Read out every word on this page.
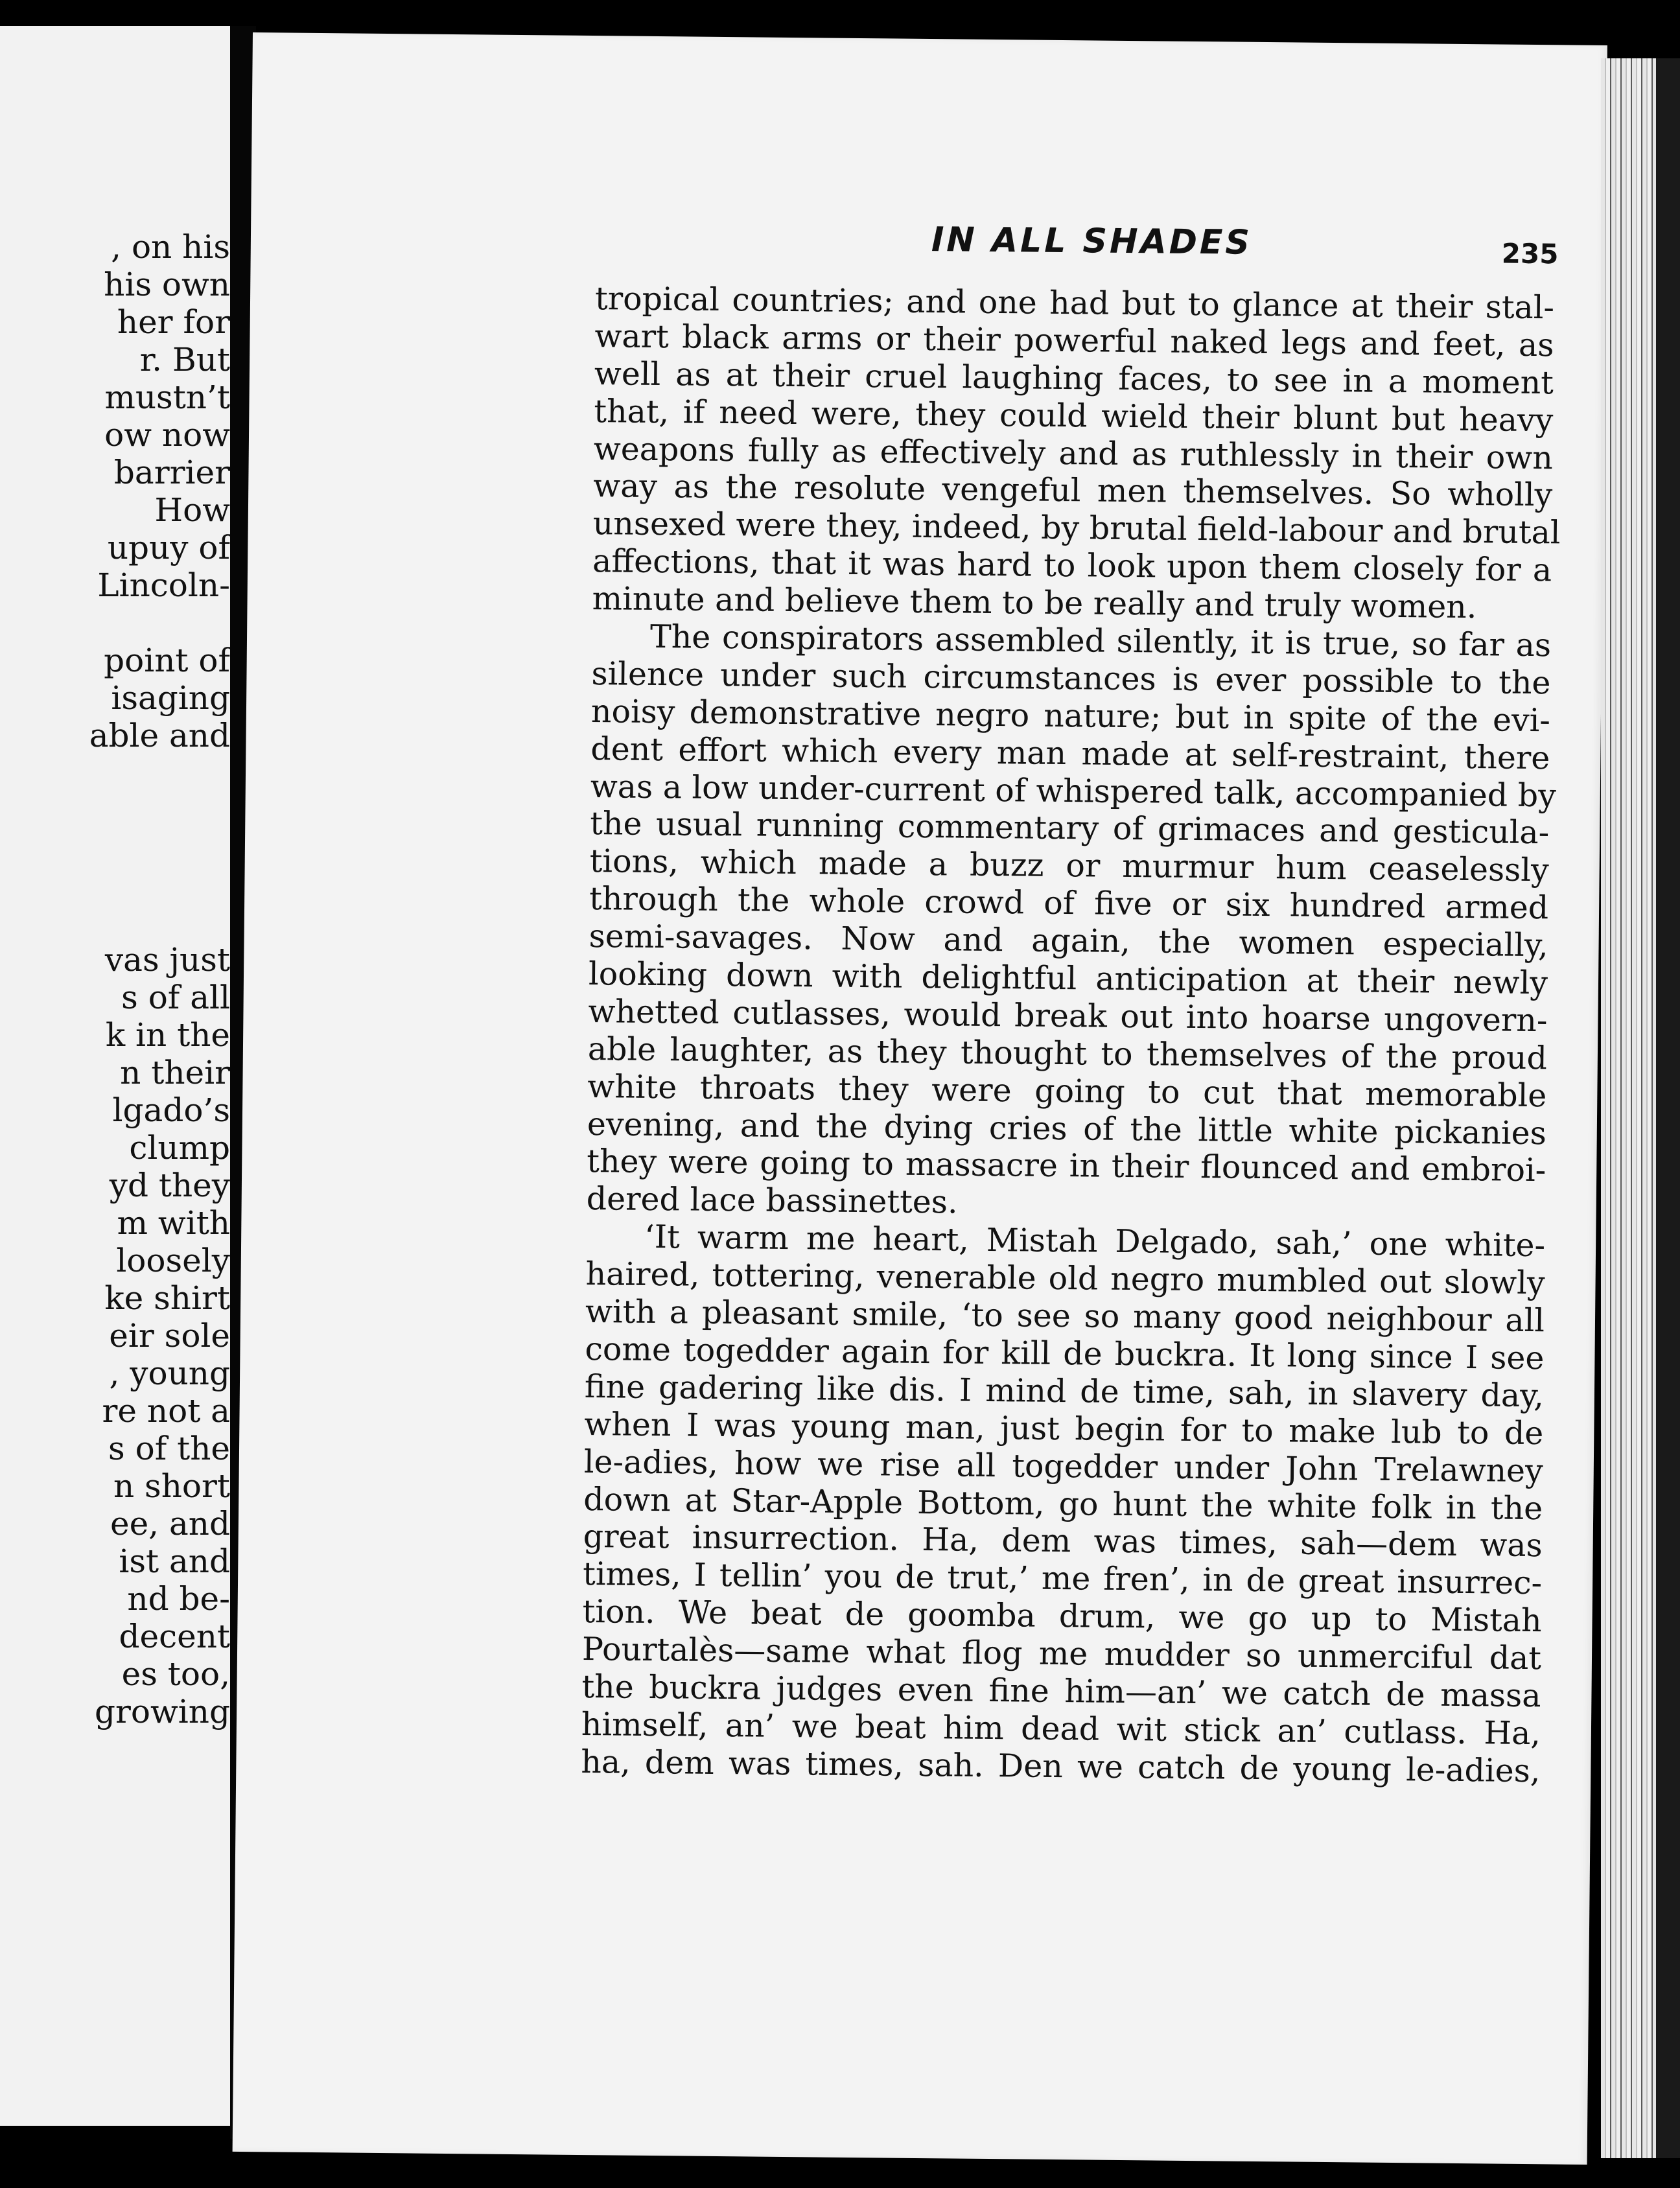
, on his
his own
her for
r. But
mustn’t
ow now
barrier
How
upuy of
Lincoln-
point of
isaging
able and
vas just
s of all
k in the
n their
lgado’s
clump
yd they
m with
loosely
ke shirt
eir sole
, young
re not a
s of the
n short
ee, and
ist and
nd be-
decent
es too,
growing
IN ALL SHADES	235
tropical countries; and one had but to glance at their stal-
wart black arms or their powerful naked legs and feet, as
well as at their cruel laughing faces, to see in a moment
that, if need were, they could wield their blunt but heavy
weapons fully as effectively and as ruthlessly in their own
way as the resolute vengeful men themselves. So wholly
unsexed were they, indeed, by brutal field-labour and brutal
affections, that it was hard to look upon them closely for a
minute and believe them to be really and truly women.
The conspirators assembled silently, it is true, so far as
silence under such circumstances is ever possible to the
noisy demonstrative negro nature; but in spite of the evi-
dent effort which every man made at self-restraint, there
was a low under-current of whispered talk, accompanied by
the usual running commentary of grimaces and gesticula-
tions, which made a buzz or murmur hum ceaselessly
through the whole crowd of five or six hundred armed
semi-savages. Now and again, the women especially,
looking down with delightful anticipation at their newly
whetted cutlasses, would break out into hoarse ungovern-
able laughter, as they thought to themselves of the proud
white throats they were going to cut that memorable
evening, and the dying cries of the little white pickanies
they were going to massacre in their flounced and embroi-
dered lace bassinettes.
‘It warm me heart, Mistah Delgado, sah,’ one white-
haired, tottering, venerable old negro mumbled out slowly
with a pleasant smile, ‘to see so many good neighbour all
come togedder again for kill de buckra. It long since I see
fine gadering like dis. I mind de time, sah, in slavery day,
when I was young man, just begin for to make lub to de
le-adies, how we rise all togedder under John Trelawney
down at Star-Apple Bottom, go hunt the white folk in the
great insurrection. Ha, dem was times, sah—dem was
times, I tellin’ you de trut,’ me fren’, in de great insurrec-
tion. We beat de goomba drum, we go up to Mistah
Pourtalès—same what flog me mudder so unmerciful dat
the buckra judges even fine him—an’ we catch de massa
himself, an’ we beat him dead wit stick an’ cutlass. Ha,
ha, dem was times, sah. Den we catch de young le-adies,
